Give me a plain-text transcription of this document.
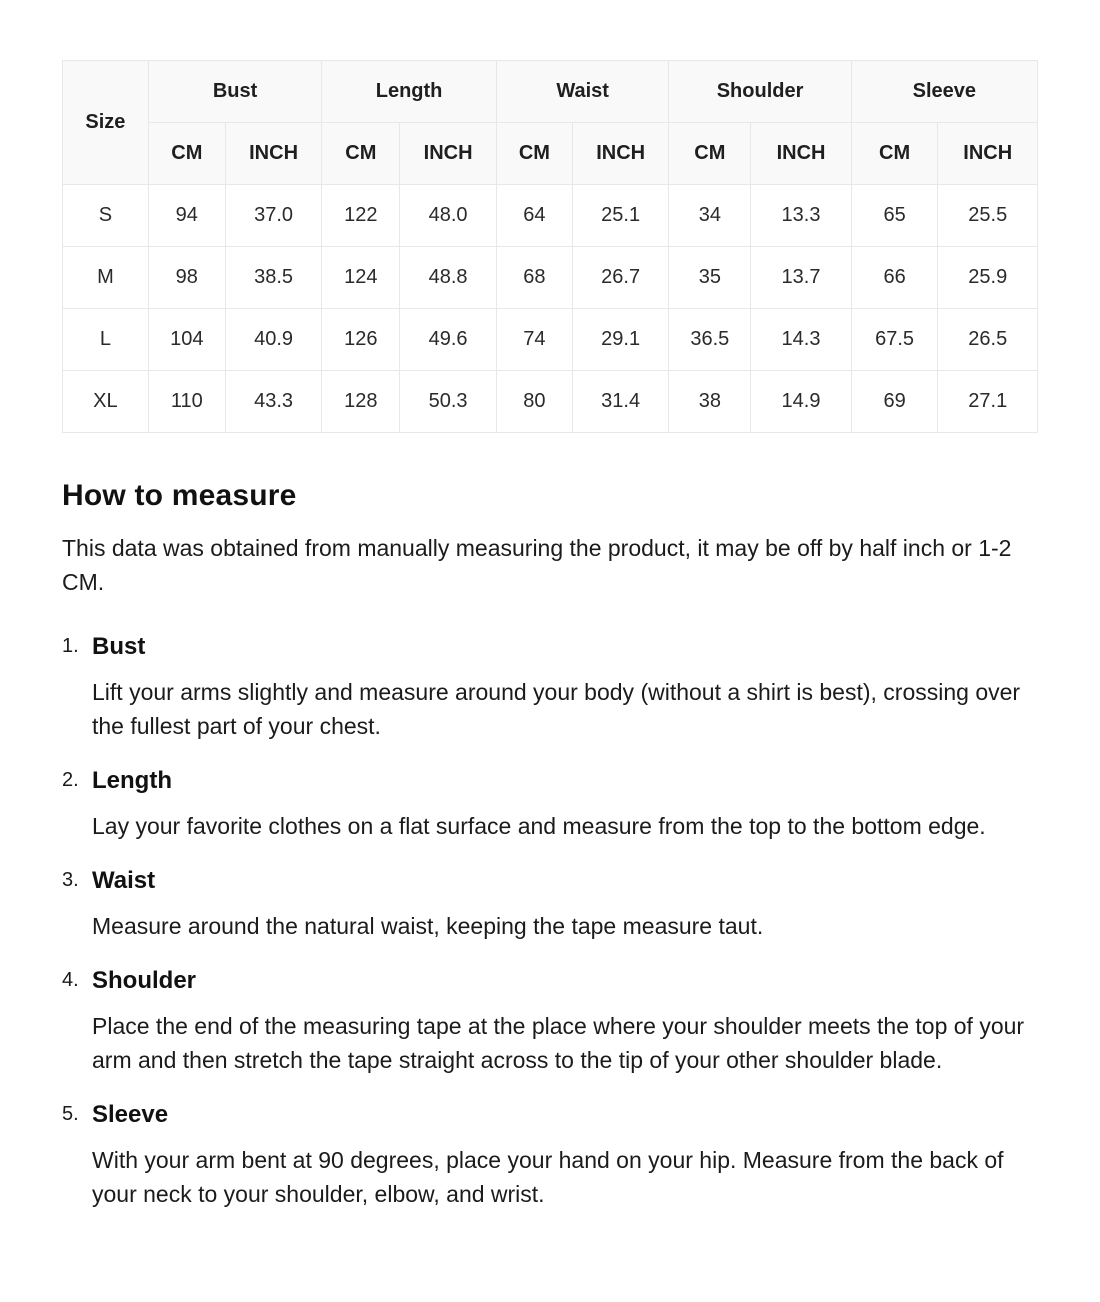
Size	Bust		Length		Waist		Shoulder		Sleeve	
	CM	INCH	CM	INCH	CM	INCH	CM	INCH	CM	INCH
S	94	37.0	122	48.0	64	25.1	34	13.3	65	25.5
M	98	38.5	124	48.8	68	26.7	35	13.7	66	25.9
L	104	40.9	126	49.6	74	29.1	36.5	14.3	67.5	26.5
XL	110	43.3	128	50.3	80	31.4	38	14.9	69	27.1
How to measure

This data was obtained from manually measuring the product, it may be off by half inch or 1-2 CM.

1. Bust

Lift your arms slightly and measure around your body (without a shirt is best), crossing over the fullest part of your chest.

2. Length

Lay your favorite clothes on a flat surface and measure from the top to the bottom edge.

3. Waist

Measure around the natural waist, keeping the tape measure taut.

4. Shoulder

Place the end of the measuring tape at the place where your shoulder meets the top of your arm and then stretch the tape straight across to the tip of your other shoulder blade.

5. Sleeve

With your arm bent at 90 degrees, place your hand on your hip. Measure from the back of your neck to your shoulder, elbow, and wrist.
